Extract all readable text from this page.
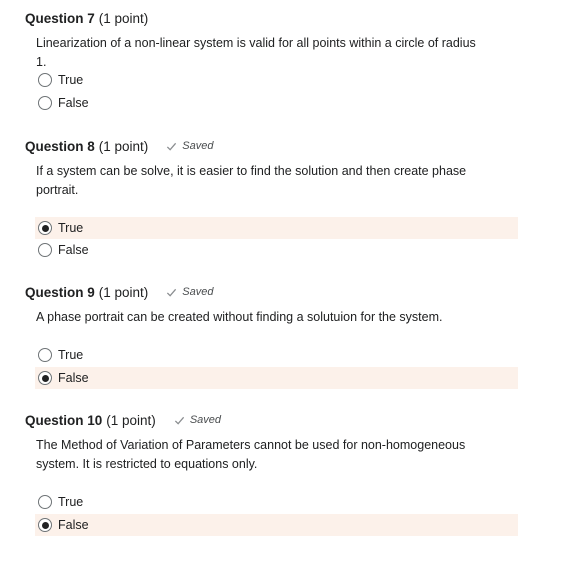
Question 7 (1 point)
Linearization of a non-linear system is valid for all points within a circle of radius 1.
True
False
Question 8 (1 point)	Saved
If a system can be solve, it is easier to find the solution and then create phase portrait.
True
False
Question 9 (1 point)	Saved
A phase portrait can be created without finding a solutuion for the system.
True
False
Question 10 (1 point)	Saved
The Method of Variation of Parameters cannot be used for non-homogeneous system. It is restricted to equations only.
True
False
